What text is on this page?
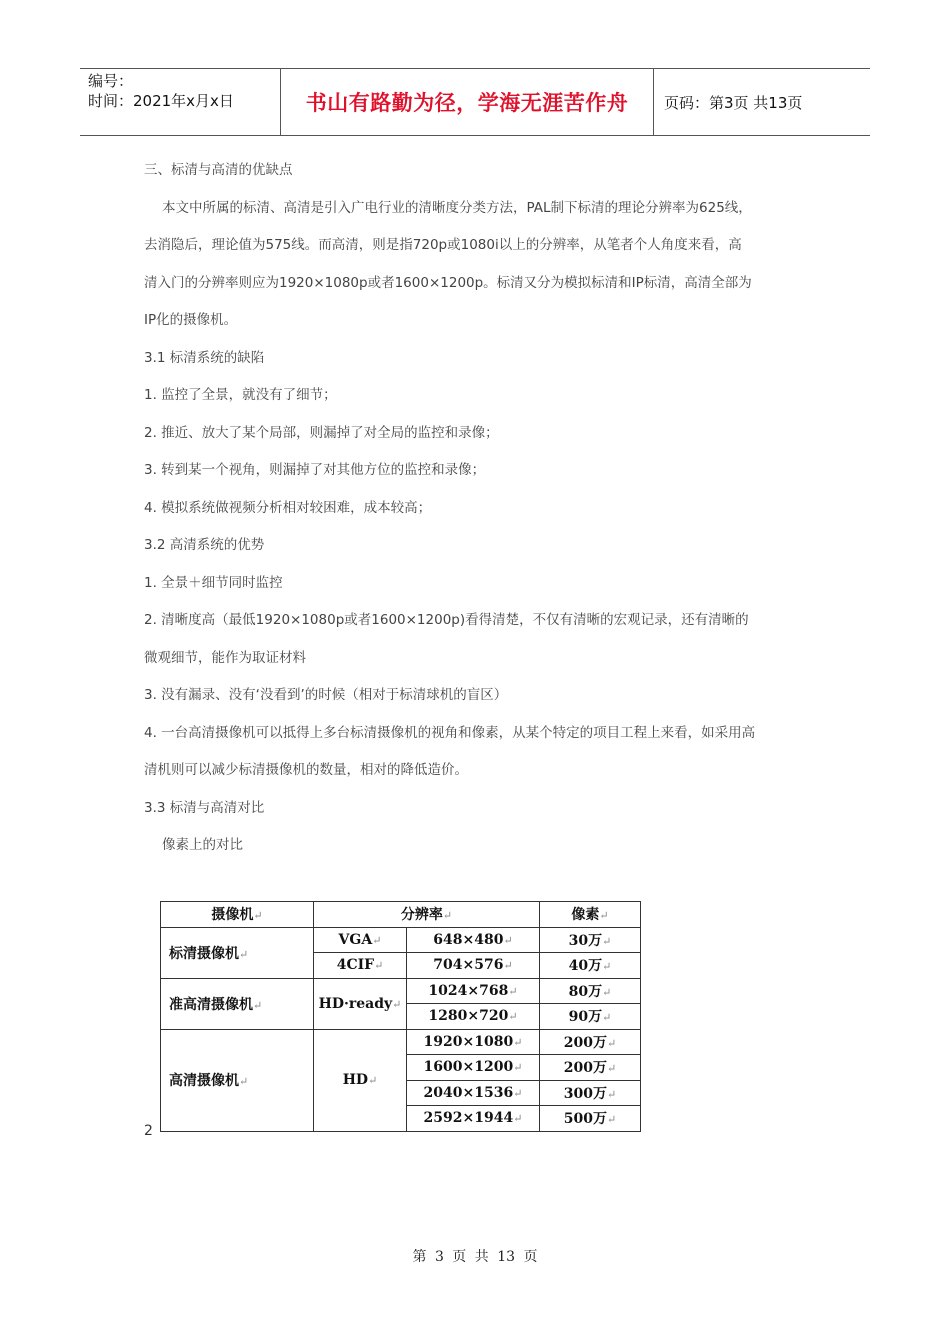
编号：
时间：2021年x月x日	书山有路勤为径，学海无涯苦作舟	页码：第3页 共13页
三、标清与高清的优缺点
本文中所属的标清、高清是引入广电行业的清晰度分类方法，PAL制下标清的理论分辨率为625线，
去消隐后，理论值为575线。而高清，则是指720p或1080i以上的分辨率，从笔者个人角度来看，高
清入门的分辨率则应为1920×1080p或者1600×1200p。标清又分为模拟标清和IP标清，高清全部为
IP化的摄像机。
3.1 标清系统的缺陷
1. 监控了全景，就没有了细节；
2. 推近、放大了某个局部，则漏掉了对全局的监控和录像；
3. 转到某一个视角，则漏掉了对其他方位的监控和录像；
4. 模拟系统做视频分析相对较困难，成本较高；
3.2 高清系统的优势
1. 全景＋细节同时监控
2. 清晰度高（最低1920×1080p或者1600×1200p)看得清楚，不仅有清晰的宏观记录，还有清晰的
微观细节，能作为取证材料
3. 没有漏录、没有‘没看到’的时候（相对于标清球机的盲区）
4. 一台高清摄像机可以抵得上多台标清摄像机的视角和像素，从某个特定的项目工程上来看，如采用高
清机则可以减少标清摄像机的数量，相对的降低造价。
3.3 标清与高清对比
像素上的对比
摄像机↵	分辨率↵		像素↵
标清摄像机↵	VGA↵	648×480↵	30万↵
	4CIF↵	704×576↵	40万↵
准高清摄像机↵	HD·ready↵	1024×768↵	80万↵
		1280×720↵	90万↵
高清摄像机↵	HD↵	1920×1080↵	200万↵
		1600×1200↵	200万↵
		2040×1536↵	300万↵
		2592×1944↵	500万↵
2
第 3 页 共 13 页
